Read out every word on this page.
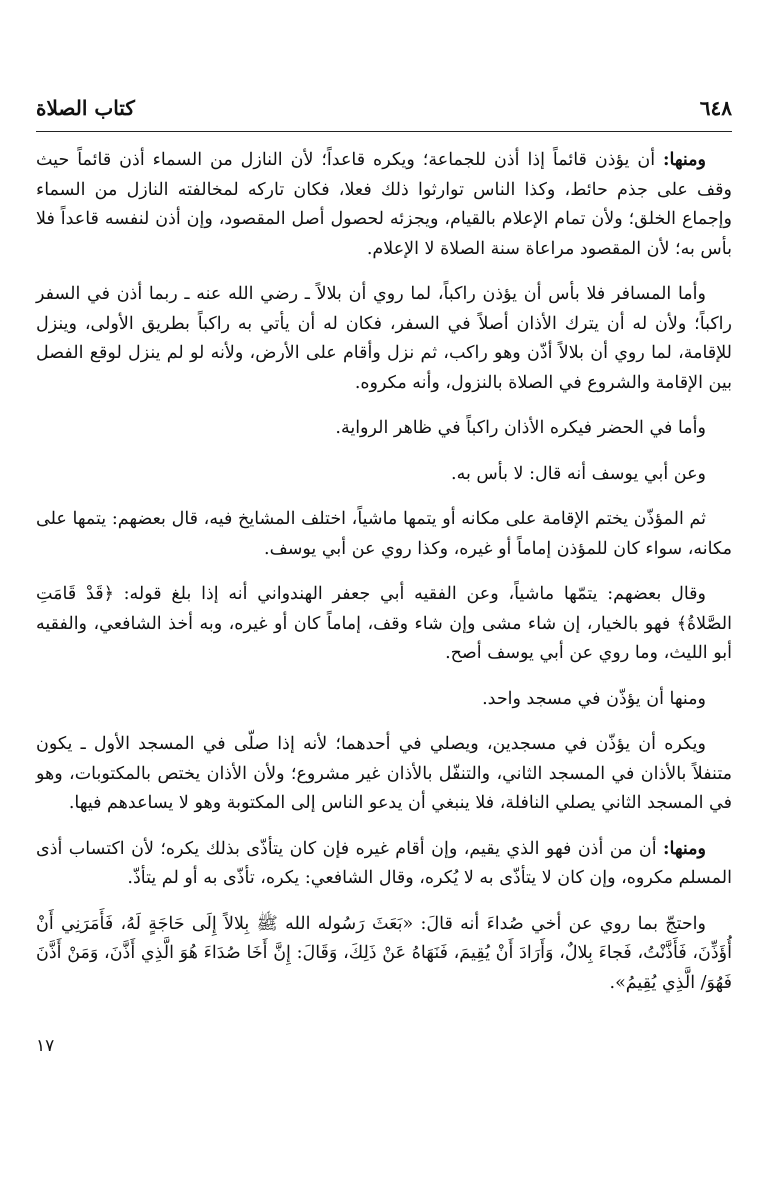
٦٤٨
كتاب الصلاة

ومنها: أن يؤذن قائماً إذا أذن للجماعة؛ ويكره قاعداً؛ لأن النازل من السماء أذن قائماً حيث وقف على جذم حائط، وكذا الناس توارثوا ذلك فعلا، فكان تاركه لمخالفته النازل من السماء وإجماع الخلق؛ ولأن تمام الإعلام بالقيام، ويجزئه لحصول أصل المقصود، وإن أذن لنفسه قاعداً فلا بأس به؛ لأن المقصود مراعاة سنة الصلاة لا الإعلام.

وأما المسافر فلا بأس أن يؤذن راكباً، لما روي أن بلالاً ـ رضي الله عنه ـ ربما أذن في السفر راكباً؛ ولأن له أن يترك الأذان أصلاً في السفر، فكان له أن يأتي به راكباً بطريق الأولى، وينزل للإقامة، لما روي أن بلالاً أذّن وهو راكب، ثم نزل وأقام على الأرض، ولأنه لو لم ينزل لوقع الفصل بين الإقامة والشروع في الصلاة بالنزول، وأنه مكروه.

وأما في الحضر فيكره الأذان راكباً في ظاهر الرواية.

وعن أبي يوسف أنه قال: لا بأس به.

ثم المؤذّن يختم الإقامة على مكانه أو يتمها ماشياً، اختلف المشايخ فيه، قال بعضهم: يتمها على مكانه، سواء كان للمؤذن إماماً أو غيره، وكذا روي عن أبي يوسف.

وقال بعضهم: يتمّها ماشياً، وعن الفقيه أبي جعفر الهندواني أنه إذا بلغ قوله: ﴿قَدْ قَامَتِ الصَّلاةُ﴾ فهو بالخيار، إن شاء مشى وإن شاء وقف، إماماً كان أو غيره، وبه أخذ الشافعي، والفقيه أبو الليث، وما روي عن أبي يوسف أصح.

ومنها أن يؤذّن في مسجد واحد.

ويكره أن يؤذّن في مسجدين، ويصلي في أحدهما؛ لأنه إذا صلّى في المسجد الأول ـ يكون متنفلاً بالأذان في المسجد الثاني، والتنفّل بالأذان غير مشروع؛ ولأن الأذان يختص بالمكتوبات، وهو في المسجد الثاني يصلي النافلة، فلا ينبغي أن يدعو الناس إلى المكتوبة وهو لا يساعدهم فيها.

ومنها: أن من أذن فهو الذي يقيم، وإن أقام غيره فإن كان يتأذّى بذلك يكره؛ لأن اكتساب أذى المسلم مكروه، وإن كان لا يتأذّى به لا يُكره، وقال الشافعي: يكره، تأذّى به أو لم يتأذّ.

واحتجّ بما روي عن أخي صُداءَ أنه قالَ: «بَعَثَ رَسُوله الله ﷺ بِلالاً إِلَى حَاجَةٍ لَهُ، فَأَمَرَنِي أَنْ أُؤَذِّنَ، فَأَذَّنْتُ، فَجاءَ بِلالٌ، وَأَرَادَ أَنْ يُقِيمَ، فَنَهَاهُ عَنْ ذَلِكَ، وَقَالَ: إِنَّ أَخَا صُدَاءَ هُوَ الَّذِي أَذَّنَ، وَمَنْ أَذَّنَ فَهُوَ/ الَّذِي يُقِيمُ».

١٧
